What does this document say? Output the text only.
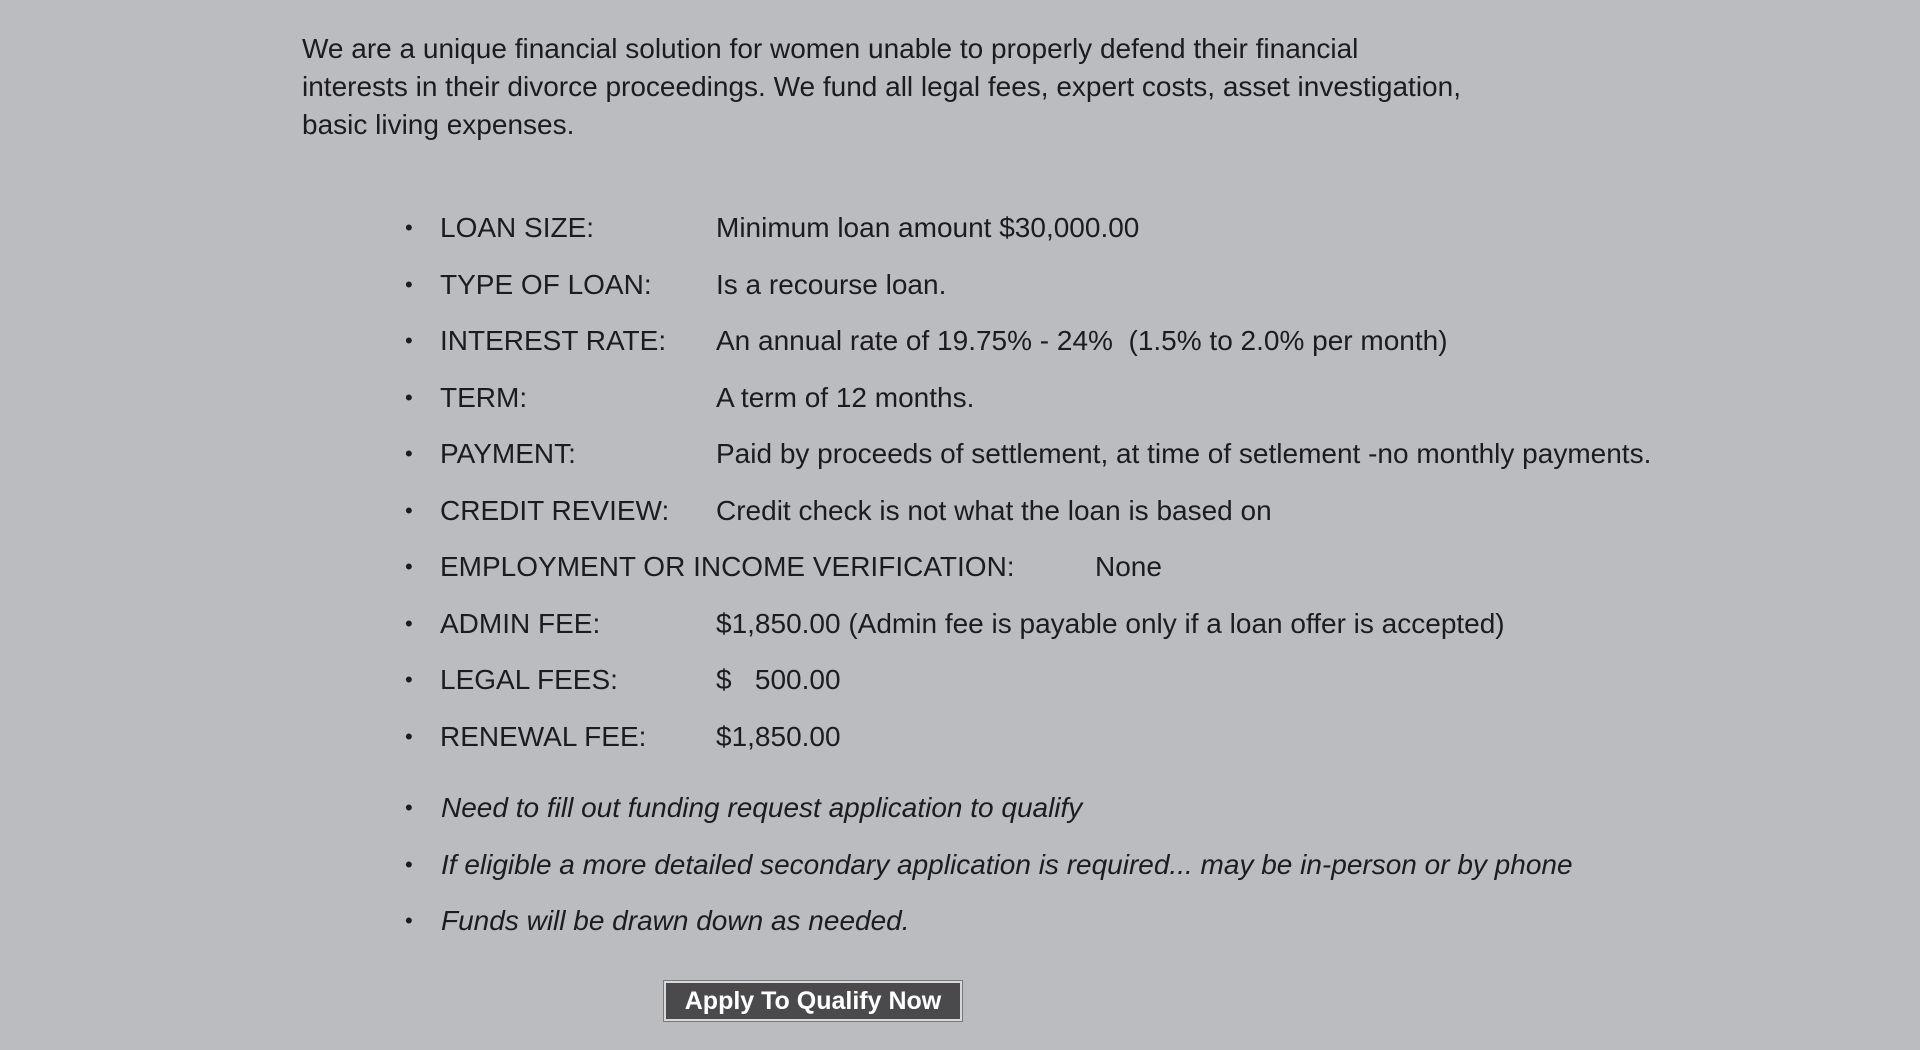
We are a unique financial solution for women unable to properly defend their financial
interests in their divorce proceedings. We fund all legal fees, expert costs, asset investigation,
basic living expenses.

• LOAN SIZE:	Minimum loan amount $30,000.00
• TYPE OF LOAN: Is a recourse loan.
• INTEREST RATE: An annual rate of 19.75% - 24%  (1.5% to 2.0% per month)
• TERM:	A term of 12 months.
• PAYMENT:	Paid by proceeds of settlement, at time of setlement -no monthly payments.
• CREDIT REVIEW: Credit check is not what the loan is based on
• EMPLOYMENT OR INCOME VERIFICATION:	None
• ADMIN FEE:	$1,850.00 (Admin fee is payable only if a loan offer is accepted)
• LEGAL FEES:	$   500.00
• RENEWAL FEE: $1,850.00
• Need to fill out funding request application to qualify
• If eligible a more detailed secondary application is required... may be in-person or by phone
• Funds will be drawn down as needed.
Apply To Qualify Now
